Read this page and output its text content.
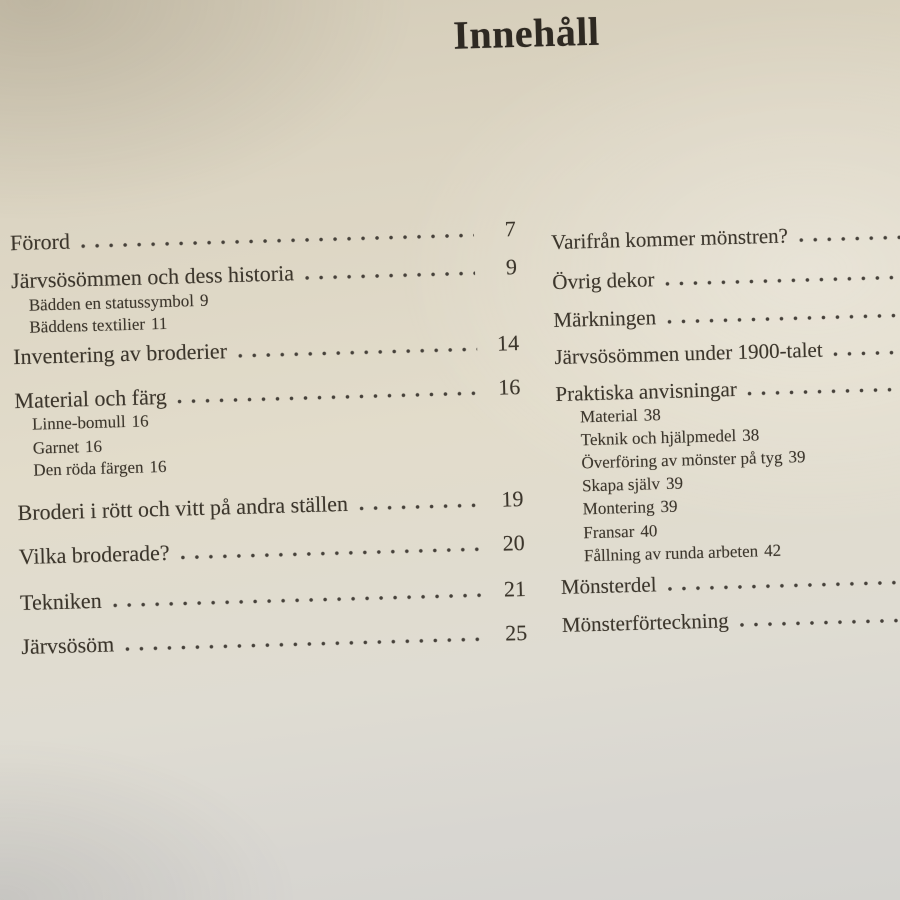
Innehåll
Förord	7
Järvsösömmen och dess historia	9
Bädden en statussymbol 9
Bäddens textilier 11
Inventering av broderier	14
Material och färg	16
Linne-bomull 16
Garnet 16
Den röda färgen 16
Broderi i rött och vitt på andra ställen	19
Vilka broderade?	20
Tekniken	21
Järvsösöm	25
Varifrån kommer mönstren?
Övrig dekor
Märkningen
Järvsösömmen under 1900-talet
Praktiska anvisningar
Material 38
Teknik och hjälpmedel 38
Överföring av mönster på tyg 39
Skapa själv 39
Montering 39
Fransar 40
Fållning av runda arbeten 42
Mönsterdel
Mönsterförteckning
